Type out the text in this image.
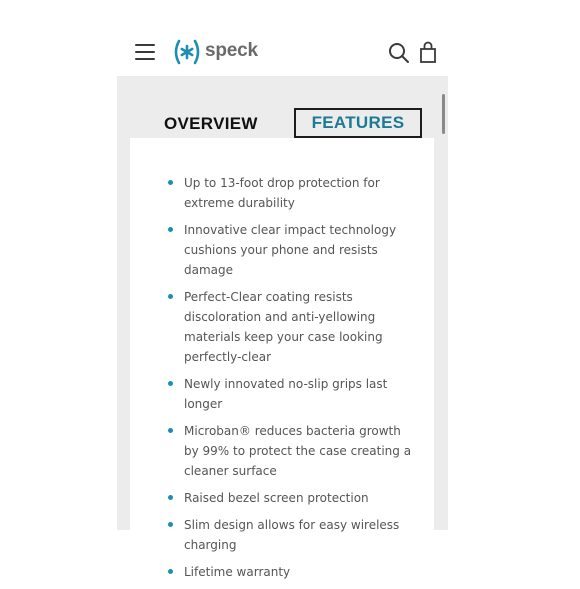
speck
OVERVIEW	FEATURES
Up to 13-foot drop protection for extreme durability
Innovative clear impact technology cushions your phone and resists damage
Perfect-Clear coating resists discoloration and anti-yellowing materials keep your case looking perfectly-clear
Newly innovated no-slip grips last longer
Microban® reduces bacteria growth by 99% to protect the case creating a cleaner surface
Raised bezel screen protection
Slim design allows for easy wireless charging
Lifetime warranty
